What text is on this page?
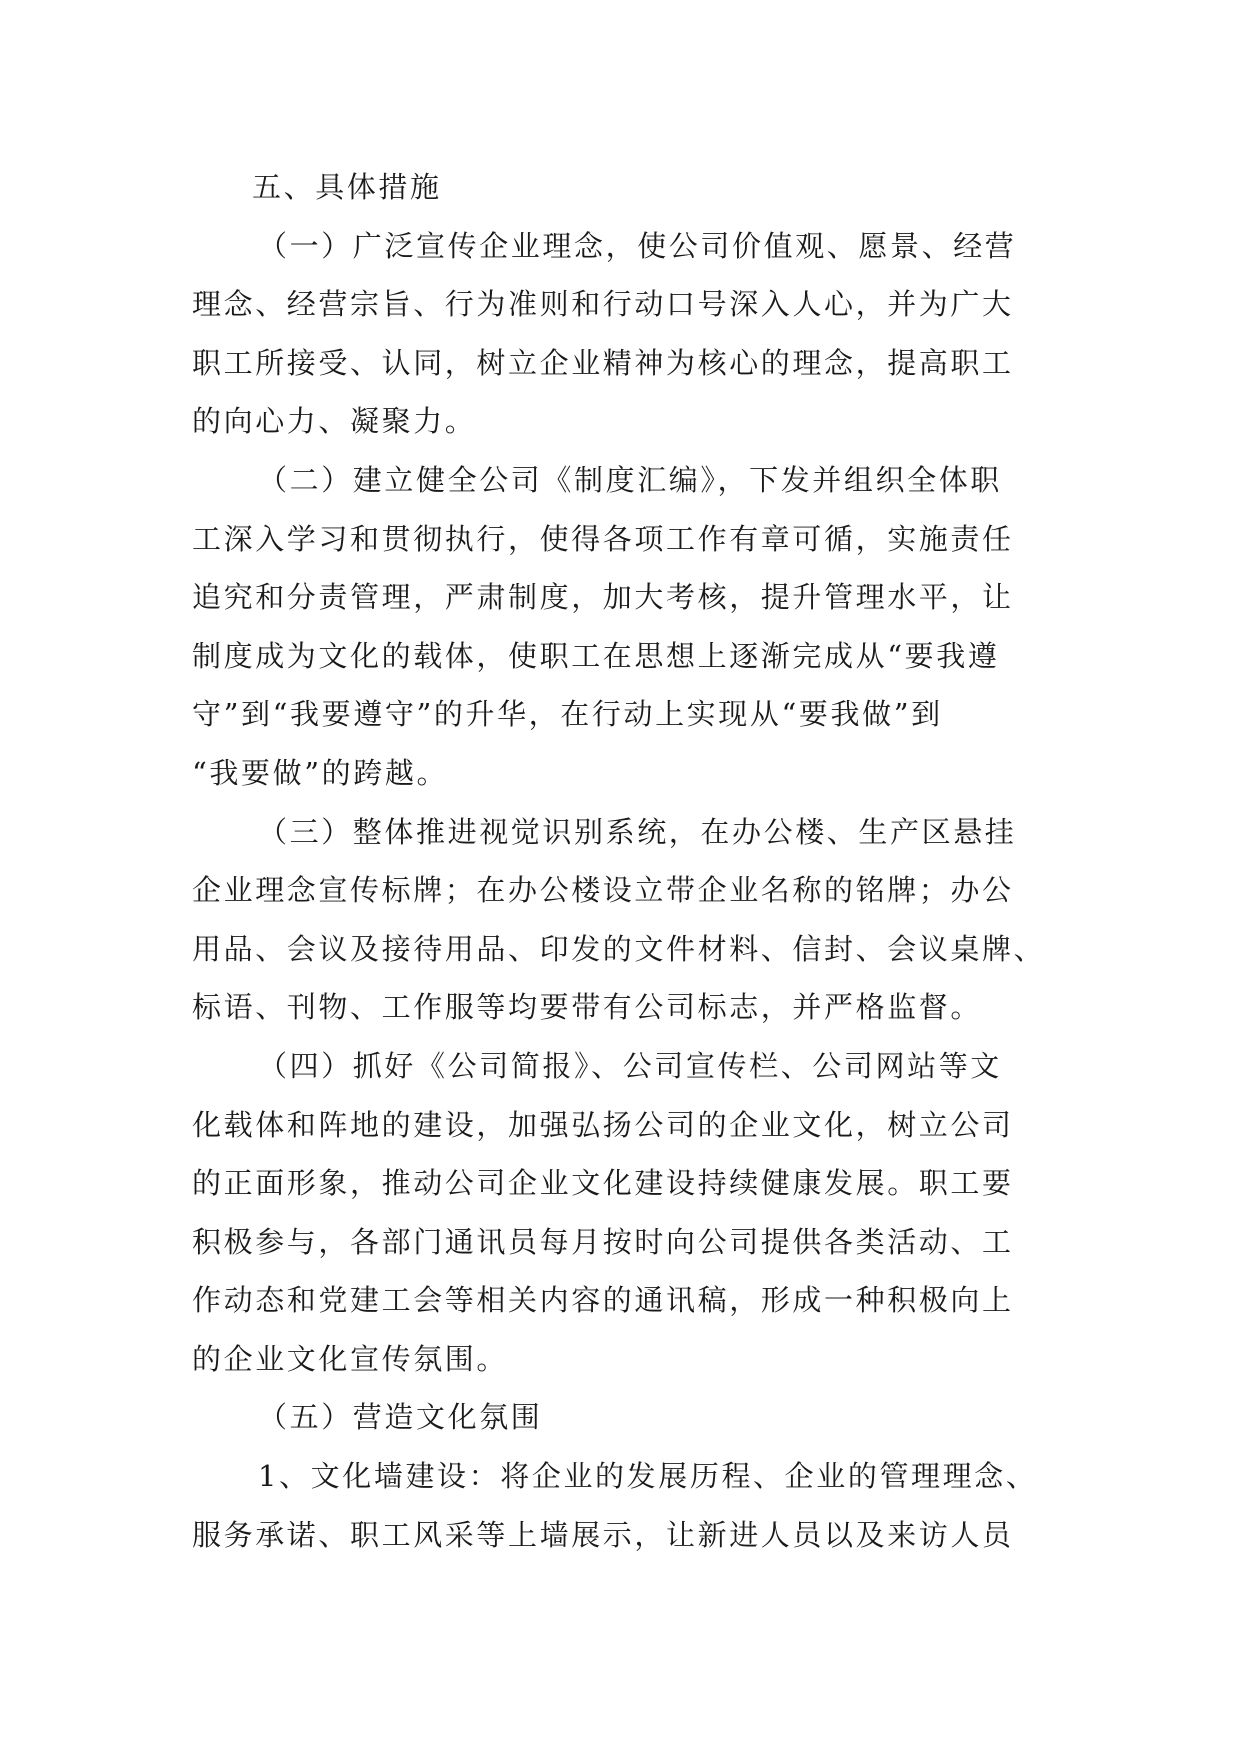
五、具体措施
（一）广泛宣传企业理念，使公司价值观、愿景、经营
理念、经营宗旨、行为准则和行动口号深入人心，并为广大
职工所接受、认同，树立企业精神为核心的理念，提高职工
的向心力、凝聚力。
（二）建立健全公司《制度汇编》，下发并组织全体职
工深入学习和贯彻执行，使得各项工作有章可循，实施责任
追究和分责管理，严肃制度，加大考核，提升管理水平，让
制度成为文化的载体，使职工在思想上逐渐完成从“要我遵
守”到“我要遵守”的升华，在行动上实现从“要我做”到
“我要做”的跨越。
（三）整体推进视觉识别系统，在办公楼、生产区悬挂
企业理念宣传标牌；在办公楼设立带企业名称的铭牌；办公
用品、会议及接待用品、印发的文件材料、信封、会议桌牌、
标语、刊物、工作服等均要带有公司标志，并严格监督。
（四）抓好《公司简报》、公司宣传栏、公司网站等文
化载体和阵地的建设，加强弘扬公司的企业文化，树立公司
的正面形象，推动公司企业文化建设持续健康发展。职工要
积极参与，各部门通讯员每月按时向公司提供各类活动、工
作动态和党建工会等相关内容的通讯稿，形成一种积极向上
的企业文化宣传氛围。
（五）营造文化氛围
1、文化墙建设：将企业的发展历程、企业的管理理念、
服务承诺、职工风采等上墙展示，让新进人员以及来访人员
